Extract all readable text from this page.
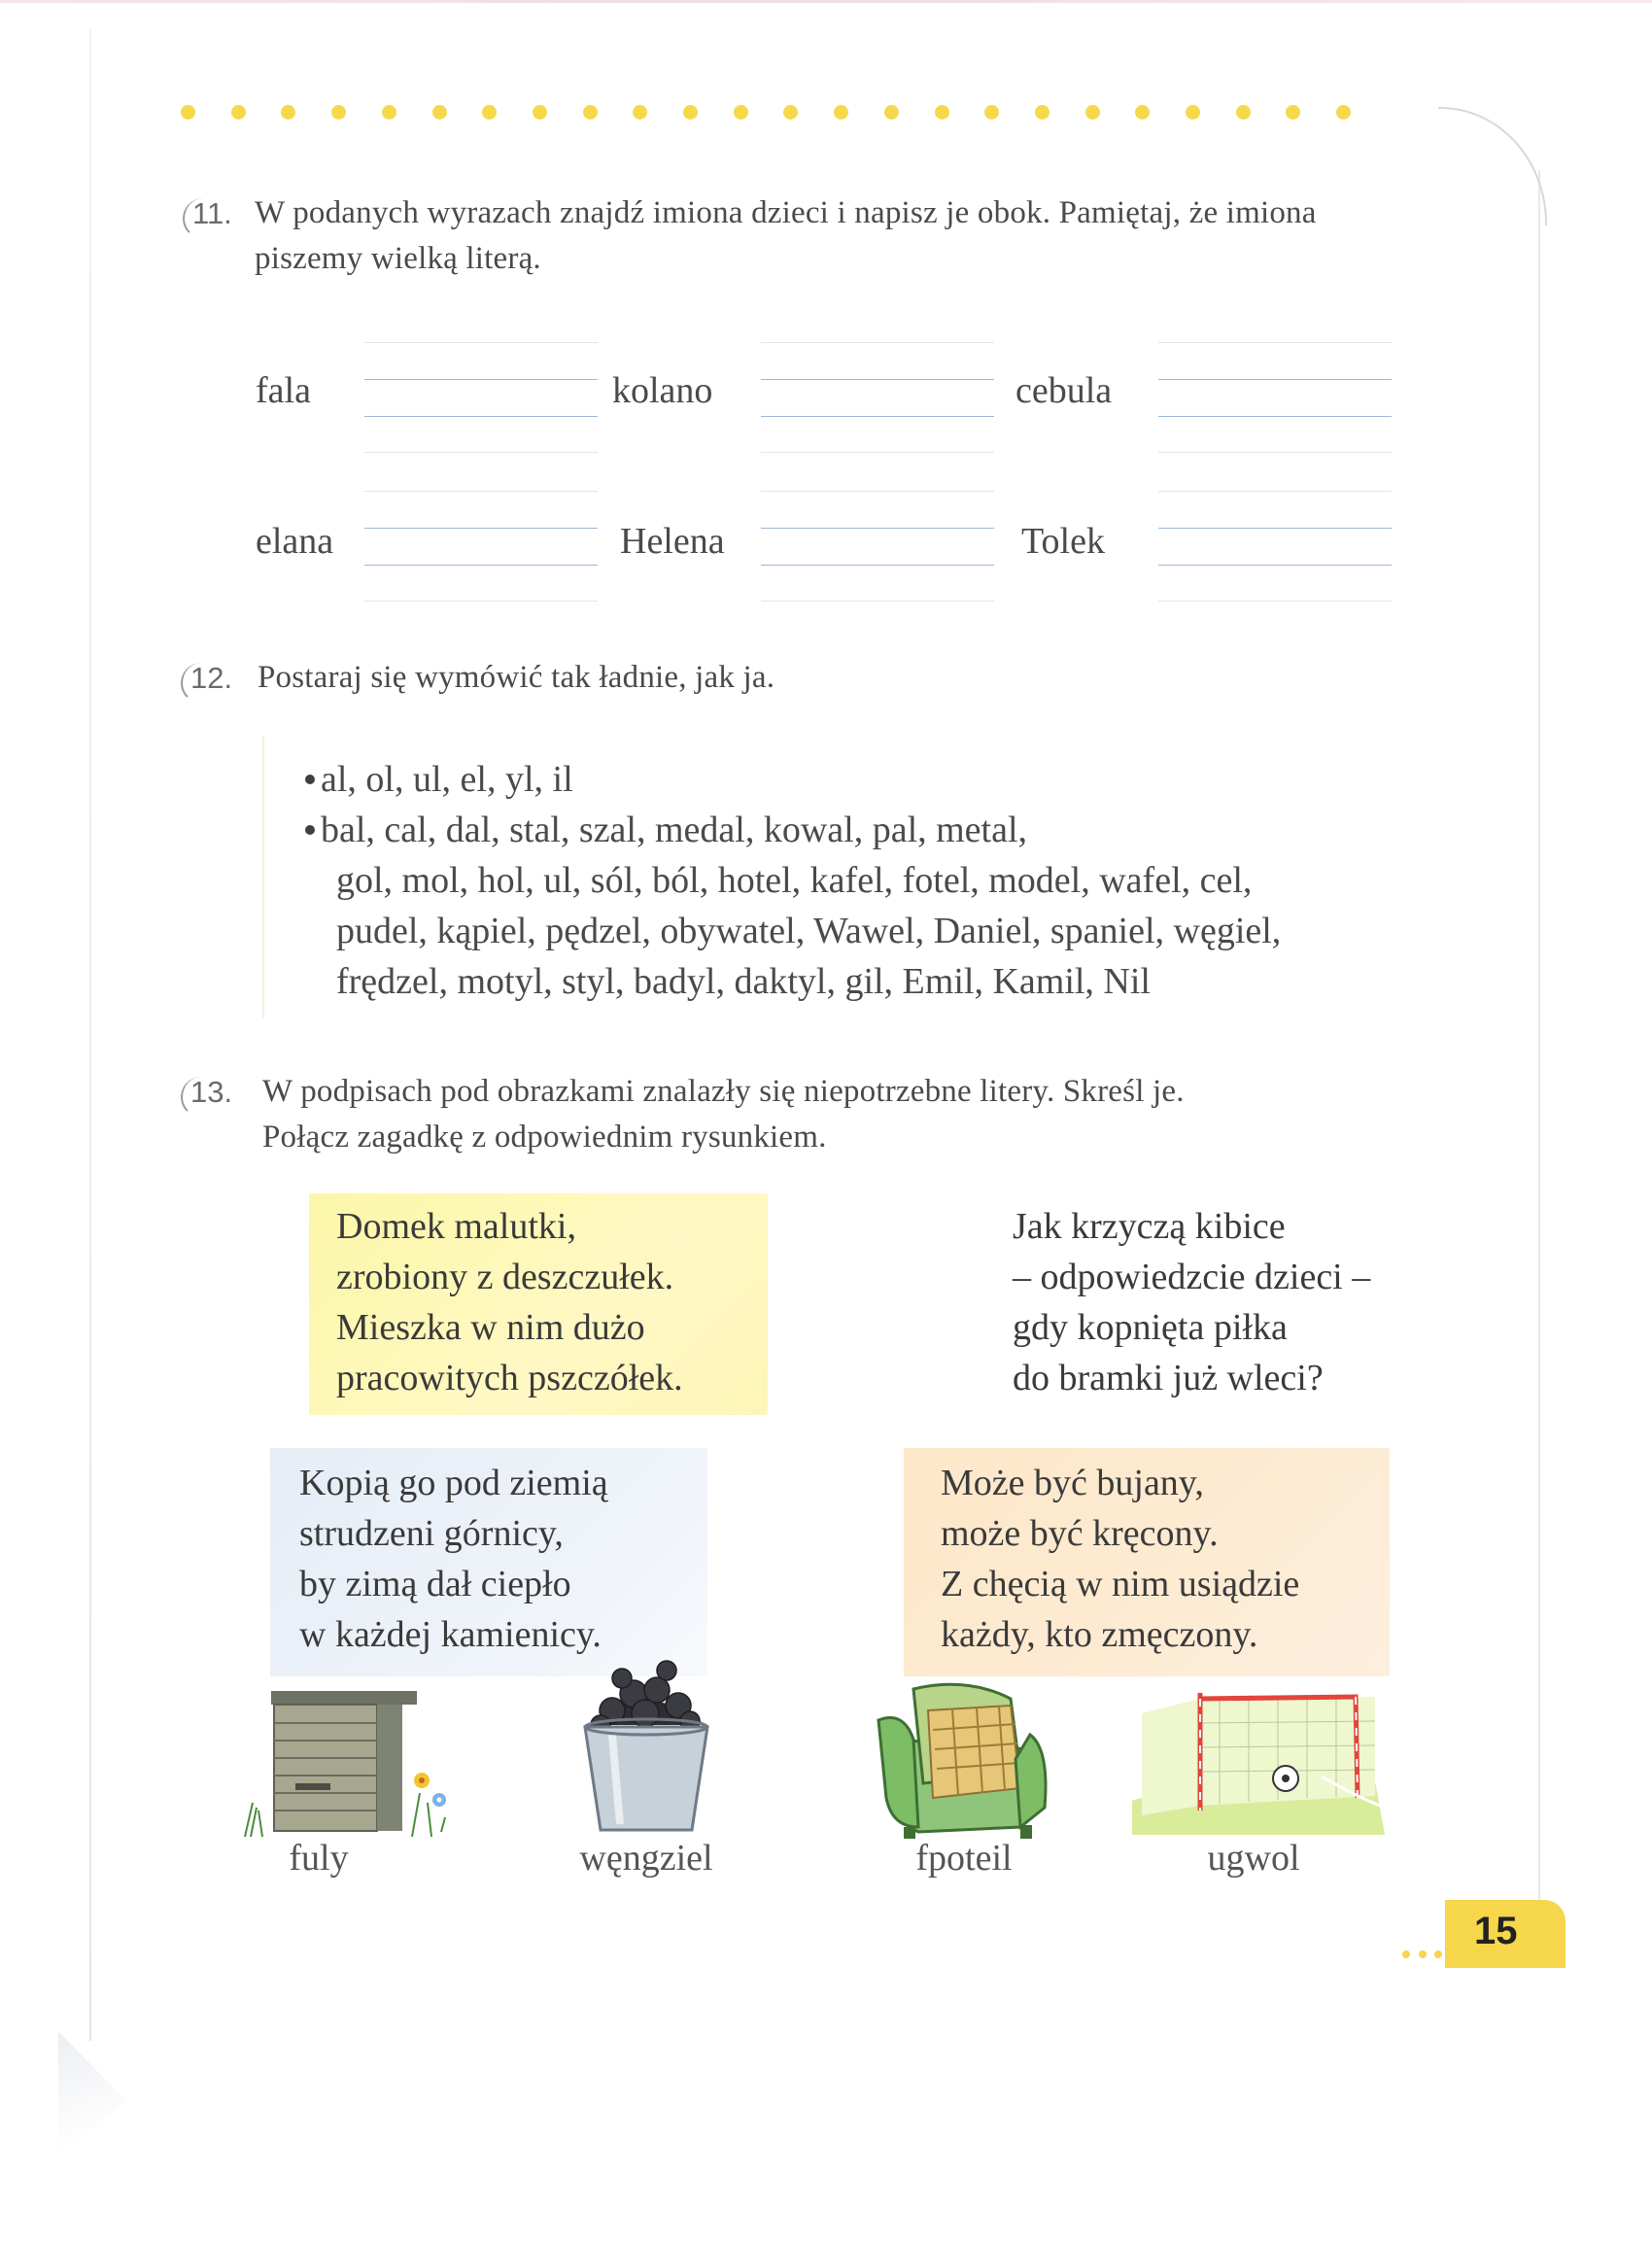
11. W podanych wyrazach znajdź imiona dzieci i napisz je obok. Pamiętaj, że imiona
piszemy wielką literą.
fala	kolano	cebula
elana	Helena	Tolek
12. Postaraj się wymówić tak ładnie, jak ja.
al, ol, ul, el, yl, il
bal, cal, dal, stal, szal, medal, kowal, pal, metal,
gol, mol, hol, ul, sól, ból, hotel, kafel, fotel, model, wafel, cel,
pudel, kąpiel, pędzel, obywatel, Wawel, Daniel, spaniel, węgiel,
frędzel, motyl, styl, badyl, daktyl, gil, Emil, Kamil, Nil
13. W podpisach pod obrazkami znalazły się niepotrzebne litery. Skreśl je.
Połącz zagadkę z odpowiednim rysunkiem.
Domek malutki,
zrobiony z deszczułek.
Mieszka w nim dużo
pracowitych pszczółek.
Jak krzyczą kibice
– odpowiedzcie dzieci –
gdy kopnięta piłka
do bramki już wleci?
Kopią go pod ziemią
strudzeni górnicy,
by zimą dał ciepło
w każdej kamienicy.
Może być bujany,
może być kręcony.
Z chęcią w nim usiądzie
każdy, kto zmęczony.
fuly	węngziel	fpoteil	ugwol
15
